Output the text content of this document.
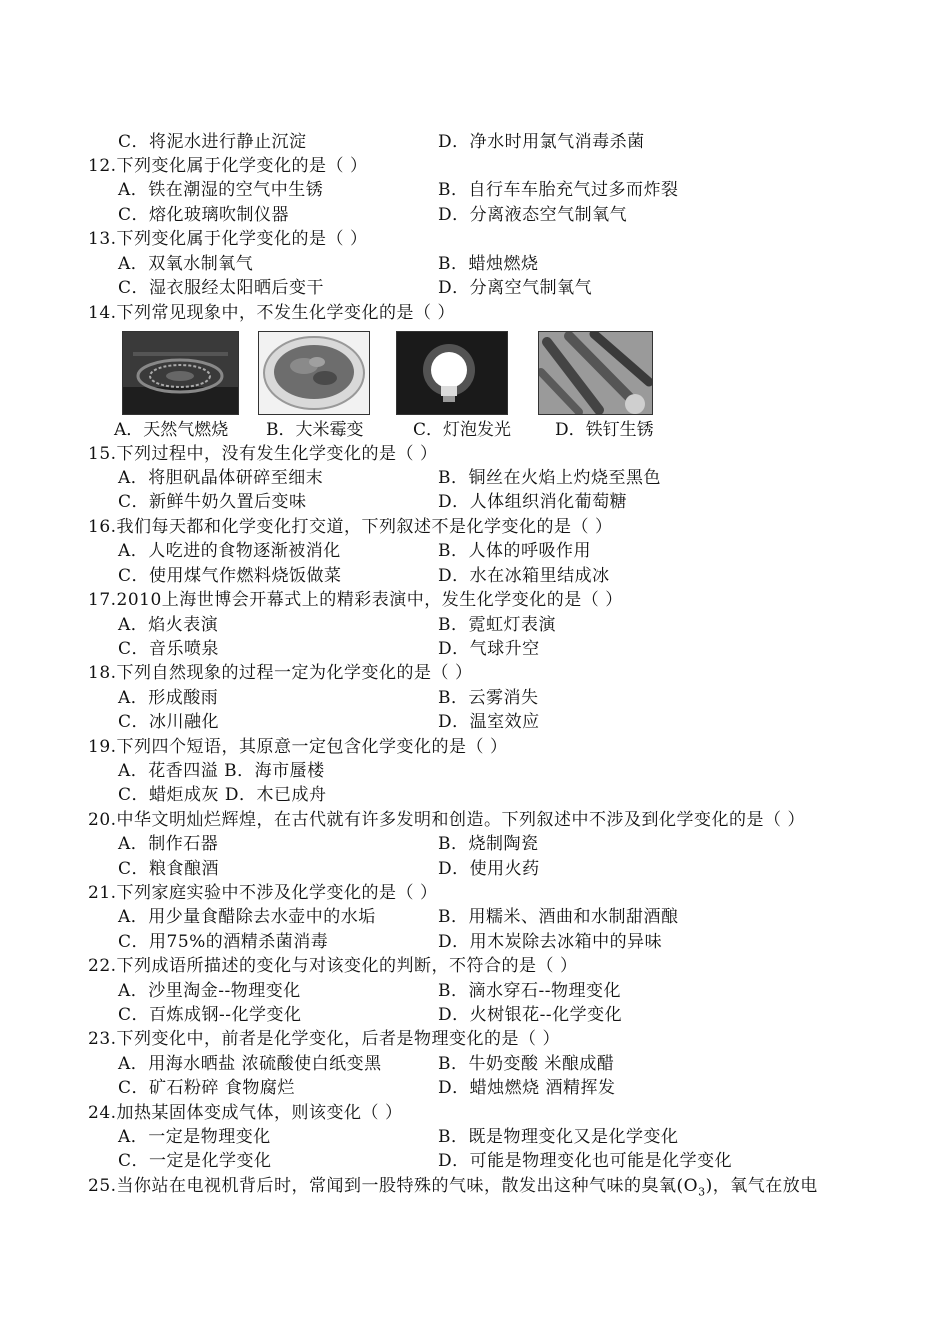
A．天然气燃烧 B．大米霉变	C．灯泡发光	D．铁钉生锈
25.当你站在电视机背后时，常闻到一股特殊的气味，散发出这种气味的臭氧$(O_3)$，氧气在放电
C．将泥水进行静止沉淀	D．净水时用氯气消毒杀菌
12.下列变化属于化学变化的是（ ）
A．铁在潮湿的空气中生锈	B．自行车车胎充气过多而炸裂
C．熔化玻璃吹制仪器	D．分离液态空气制氧气
13.下列变化属于化学变化的是（ ）
A．双氧水制氧气	B．蜡烛燃烧
C．湿衣服经太阳晒后变干	D．分离空气制氧气
14.下列常见现象中，不发生化学变化的是（ ）
15.下列过程中，没有发生化学变化的是（ ）
A．将胆矾晶体研碎至细末	B．铜丝在火焰上灼烧至黑色
C．新鲜牛奶久置后变味	D．人体组织消化葡萄糖
16.我们每天都和化学变化打交道，下列叙述不是化学变化的是（ ）
A．人吃进的食物逐渐被消化	B．人体的呼吸作用
C．使用煤气作燃料烧饭做菜	D．水在冰箱里结成冰
17.2010上海世博会开幕式上的精彩表演中，发生化学变化的是（ ）
A．焰火表演	B．霓虹灯表演
C．音乐喷泉	D．气球升空
18.下列自然现象的过程一定为化学变化的是（ ）
A．形成酸雨	B．云雾消失
C．冰川融化	D．温室效应
19.下列四个短语，其原意一定包含化学变化的是（ ）
A．花香四溢 B．海市蜃楼
C．蜡炬成灰 D．木已成舟
20.中华文明灿烂辉煌，在古代就有许多发明和创造。下列叙述中不涉及到化学变化的是（ ）
A．制作石器	B．烧制陶瓷
C．粮食酿酒	D．使用火药
21.下列家庭实验中不涉及化学变化的是（ ）
A．用少量食醋除去水壶中的水垢	B．用糯米、酒曲和水制甜酒酿
C．用75%的酒精杀菌消毒	D．用木炭除去冰箱中的异味
22.下列成语所描述的变化与对该变化的判断，不符合的是（ ）
A．沙里淘金--物理变化	B．滴水穿石--物理变化
C．百炼成钢--化学变化	D．火树银花--化学变化
23.下列变化中，前者是化学变化，后者是物理变化的是（ ）
A．用海水晒盐 浓硫酸使白纸变黑	B．牛奶变酸 米酿成醋
C．矿石粉碎 食物腐烂	D．蜡烛燃烧 酒精挥发
24.加热某固体变成气体，则该变化（ ）
A．一定是物理变化	B．既是物理变化又是化学变化
C．一定是化学变化	D．可能是物理变化也可能是化学变化
